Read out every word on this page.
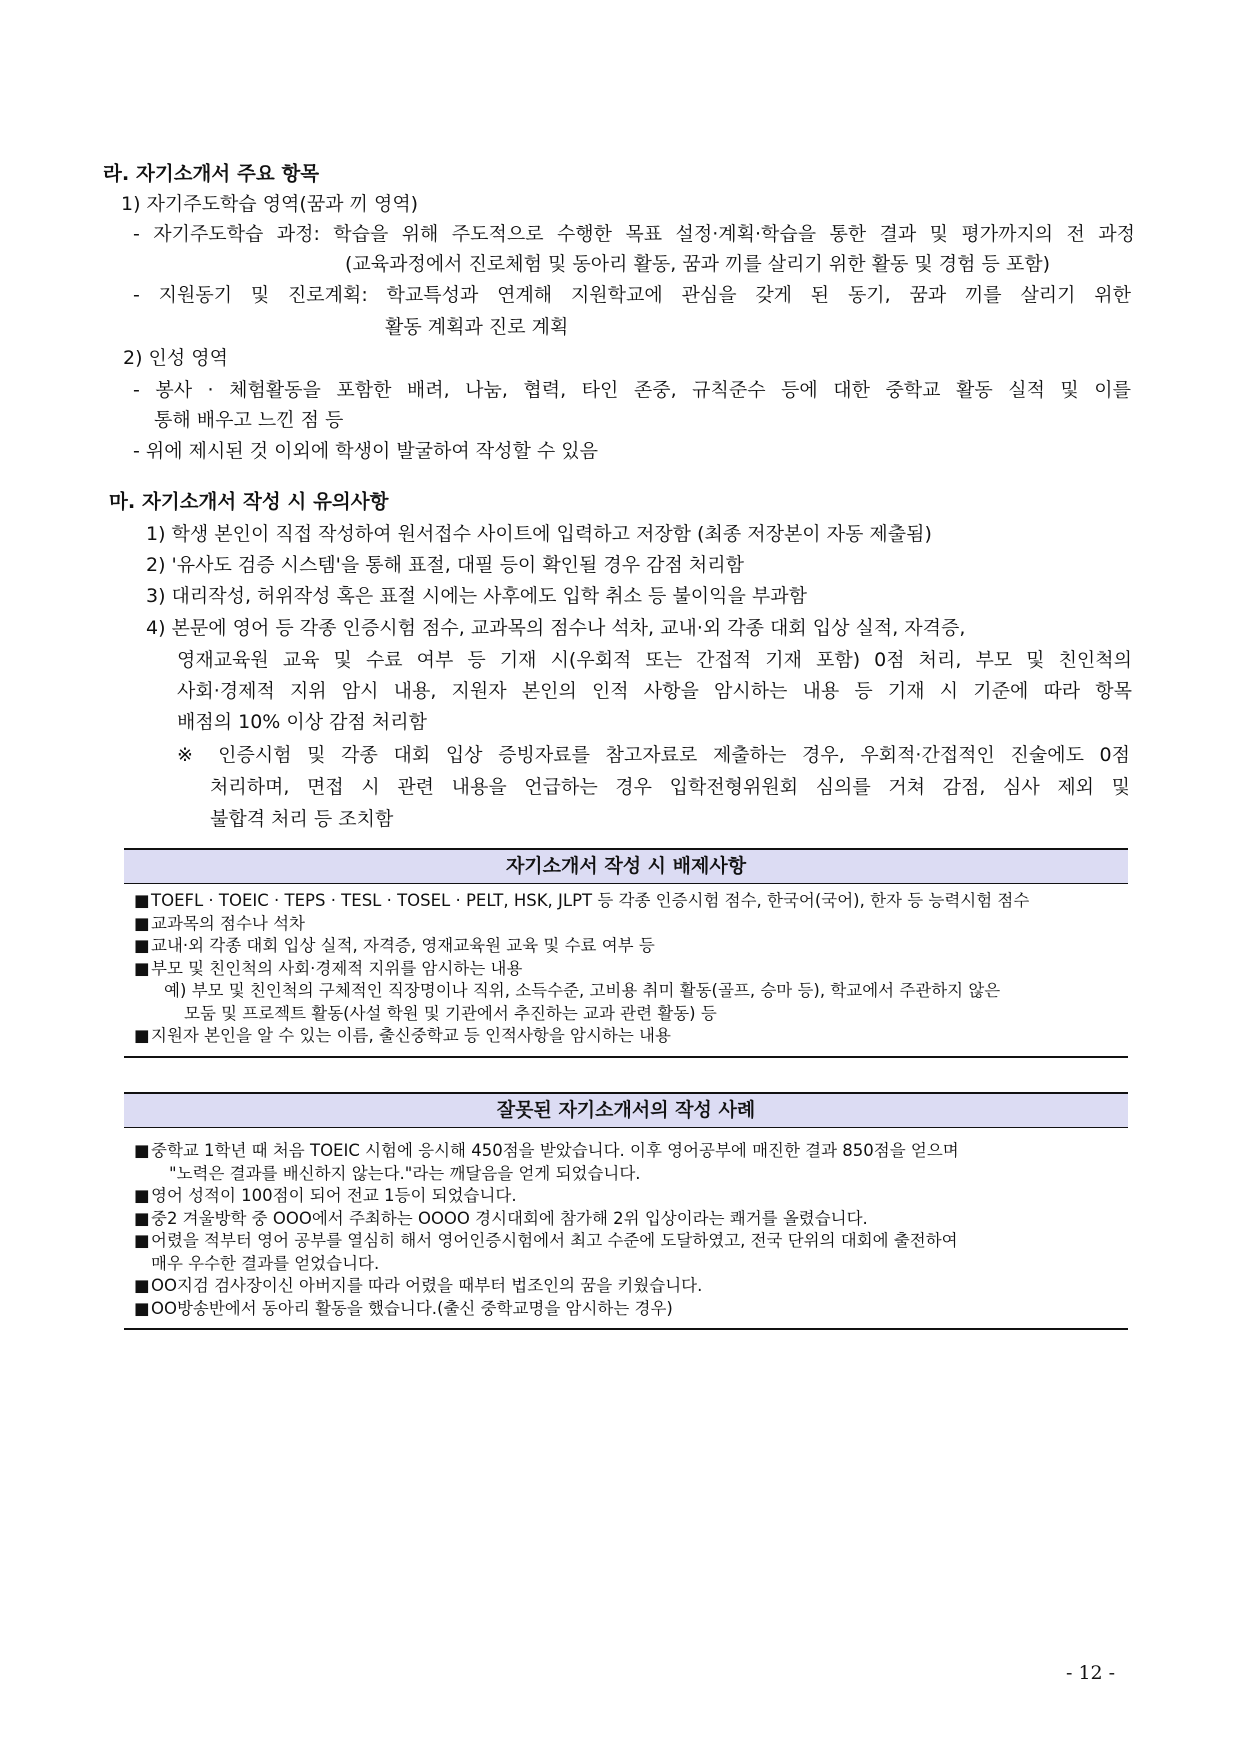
라. 자기소개서 주요 항목
1) 자기주도학습 영역(꿈과 끼 영역)
- 자기주도학습 과정: 학습을 위해 주도적으로 수행한 목표 설정·계획·학습을 통한 결과 및 평가까지의 전 과정
(교육과정에서 진로체험 및 동아리 활동, 꿈과 끼를 살리기 위한 활동 및 경험 등 포함)
- 지원동기 및 진로계획: 학교특성과 연계해 지원학교에 관심을 갖게 된 동기, 꿈과 끼를 살리기 위한
활동 계획과 진로 계획
2) 인성 영역
- 봉사 · 체험활동을 포함한 배려, 나눔, 협력, 타인 존중, 규칙준수 등에 대한 중학교 활동 실적 및 이를
통해 배우고 느낀 점 등
- 위에 제시된 것 이외에 학생이 발굴하여 작성할 수 있음
마. 자기소개서 작성 시 유의사항
1) 학생 본인이 직접 작성하여 원서접수 사이트에 입력하고 저장함 (최종 저장본이 자동 제출됨)
2) '유사도 검증 시스템'을 통해 표절, 대필 등이 확인될 경우 감점 처리함
3) 대리작성, 허위작성 혹은 표절 시에는 사후에도 입학 취소 등 불이익을 부과함
4) 본문에 영어 등 각종 인증시험 점수, 교과목의 점수나 석차, 교내·외 각종 대회 입상 실적, 자격증,
영재교육원 교육 및 수료 여부 등 기재 시(우회적 또는 간접적 기재 포함) 0점 처리, 부모 및 친인척의
사회·경제적 지위 암시 내용, 지원자 본인의 인적 사항을 암시하는 내용 등 기재 시 기준에 따라 항목
배점의 10% 이상 감점 처리함
※ 인증시험 및 각종 대회 입상 증빙자료를 참고자료로 제출하는 경우, 우회적·간접적인 진술에도 0점
처리하며, 면접 시 관련 내용을 언급하는 경우 입학전형위원회 심의를 거쳐 감점, 심사 제외 및
불합격 처리 등 조치함
자기소개서 작성 시 배제사항
■ TOEFL · TOEIC · TEPS · TESL · TOSEL · PELT, HSK, JLPT 등 각종 인증시험 점수, 한국어(국어), 한자 등 능력시험 점수
■ 교과목의 점수나 석차
■ 교내·외 각종 대회 입상 실적, 자격증, 영재교육원 교육 및 수료 여부 등
■ 부모 및 친인척의 사회·경제적 지위를 암시하는 내용
예) 부모 및 친인척의 구체적인 직장명이나 직위, 소득수준, 고비용 취미 활동(골프, 승마 등), 학교에서 주관하지 않은
모둠 및 프로젝트 활동(사설 학원 및 기관에서 추진하는 교과 관련 활동) 등
■ 지원자 본인을 알 수 있는 이름, 출신중학교 등 인적사항을 암시하는 내용
잘못된 자기소개서의 작성 사례
■ 중학교 1학년 때 처음 TOEIC 시험에 응시해 450점을 받았습니다. 이후 영어공부에 매진한 결과 850점을 얻으며
"노력은 결과를 배신하지 않는다."라는 깨달음을 얻게 되었습니다.
■ 영어 성적이 100점이 되어 전교 1등이 되었습니다.
■ 중2 겨울방학 중 OOO에서 주최하는 OOOO 경시대회에 참가해 2위 입상이라는 쾌거를 올렸습니다.
■ 어렸을 적부터 영어 공부를 열심히 해서 영어인증시험에서 최고 수준에 도달하였고, 전국 단위의 대회에 출전하여
매우 우수한 결과를 얻었습니다.
■ OO지검 검사장이신 아버지를 따라 어렸을 때부터 법조인의 꿈을 키웠습니다.
■ OO방송반에서 동아리 활동을 했습니다.(출신 중학교명을 암시하는 경우)
- 12 -
